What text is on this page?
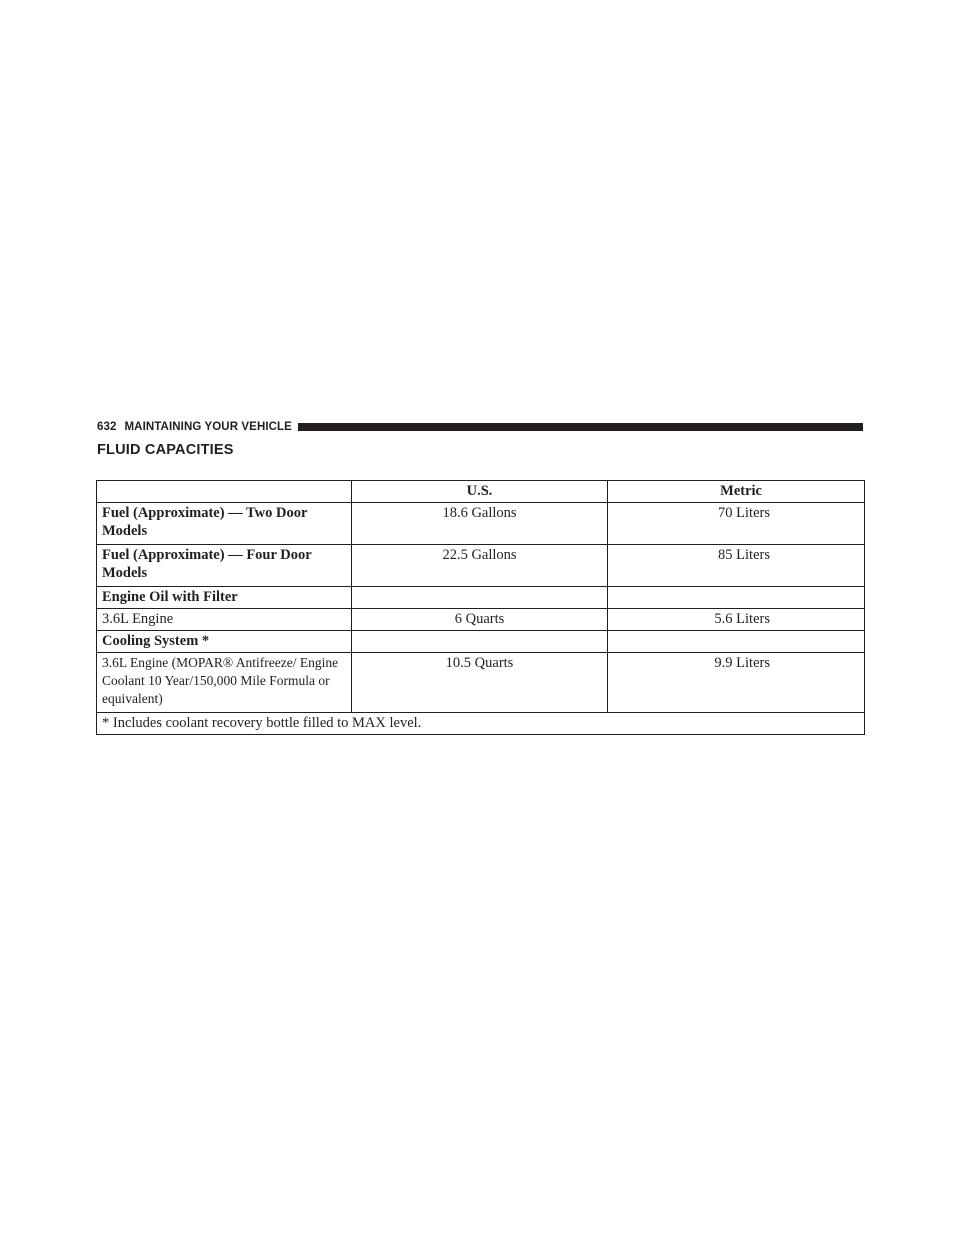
632 MAINTAINING YOUR VEHICLE
FLUID CAPACITIES
	U.S.	Metric
Fuel (Approximate) — Two Door Models	18.6 Gallons	70 Liters
Fuel (Approximate) — Four Door Models	22.5 Gallons	85 Liters
Engine Oil with Filter		
3.6L Engine	6 Quarts	5.6 Liters
Cooling System *		
3.6L Engine (MOPAR® Antifreeze/ Engine Coolant 10 Year/150,000 Mile Formula or equivalent)	10.5 Quarts	9.9 Liters
* Includes coolant recovery bottle filled to MAX level.		
